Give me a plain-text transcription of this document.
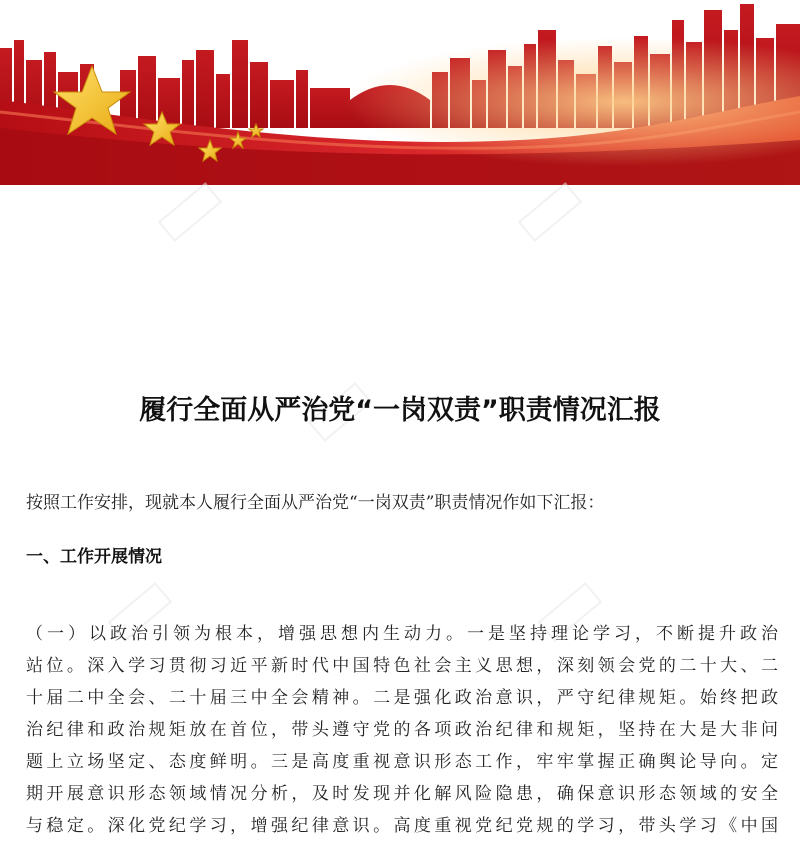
履行全面从严治党“一岗双责”职责情况汇报

按照工作安排，现就本人履行全面从严治党“一岗双责”职责情况作如下汇报：

一、工作开展情况
（一）以政治引领为根本，增强思想内生动力。一是坚持理论学习，不断提升政治
站位。深入学习贯彻习近平新时代中国特色社会主义思想，深刻领会党的二十大、二
十届二中全会、二十届三中全会精神。二是强化政治意识，严守纪律规矩。始终把政
治纪律和政治规矩放在首位，带头遵守党的各项政治纪律和规矩，坚持在大是大非问
题上立场坚定、态度鲜明。三是高度重视意识形态工作，牢牢掌握正确舆论导向。定
期开展意识形态领域情况分析，及时发现并化解风险隐患，确保意识形态领域的安全
与稳定。深化党纪学习，增强纪律意识。高度重视党纪党规的学习，带头学习《中国
